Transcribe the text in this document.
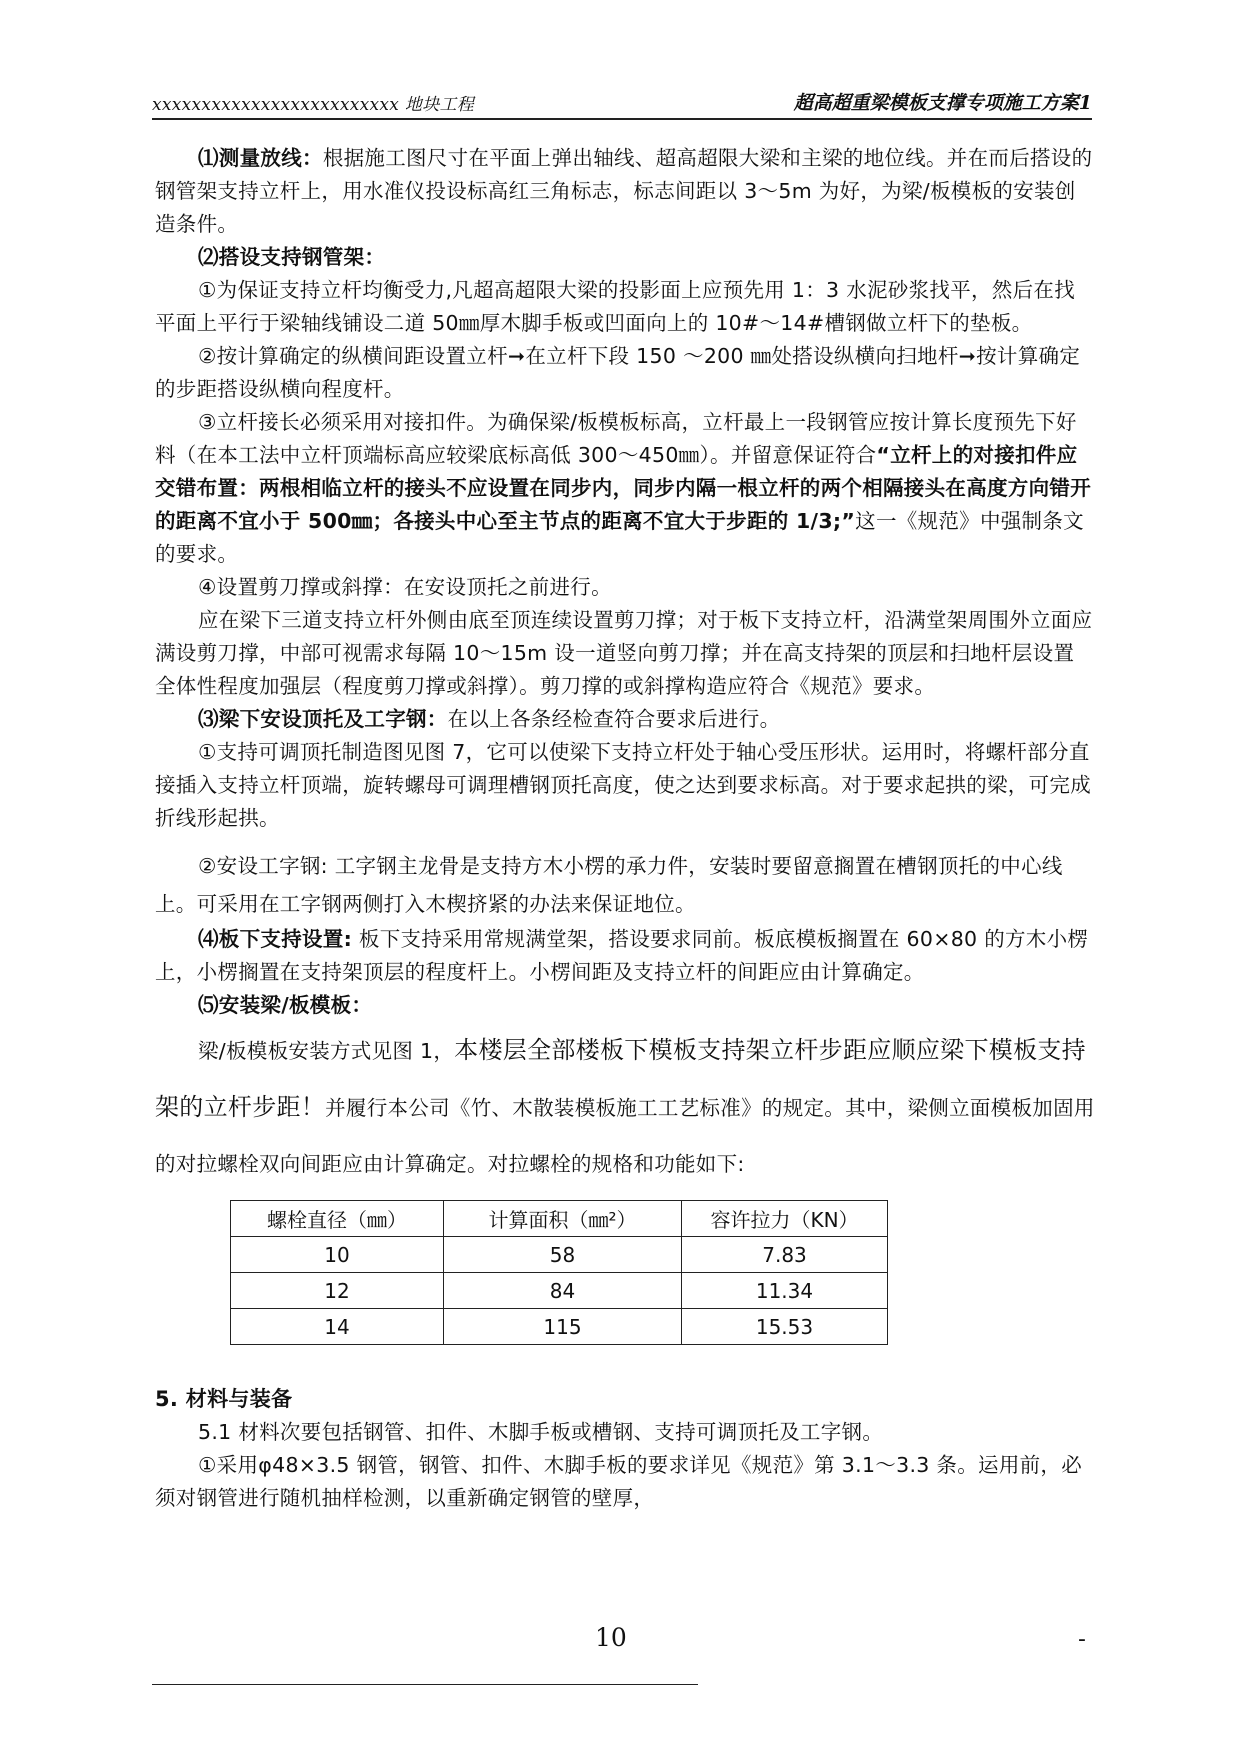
xxxxxxxxxxxxxxxxxxxxxxxxx 地块工程	超高超重梁模板支撑专项施工方案1

⑴测量放线：根据施工图尺寸在平面上弹出轴线、超高超限大梁和主梁的地位线。并在而后搭设的钢管架支持立杆上，用水准仪投设标高红三角标志，标志间距以 3～5m 为好，为梁/板模板的安装创造条件。

⑵搭设支持钢管架：

①为保证支持立杆均衡受力,凡超高超限大梁的投影面上应预先用 1：3 水泥砂浆找平，然后在找平面上平行于梁轴线铺设二道 50㎜厚木脚手板或凹面向上的 10#～14#槽钢做立杆下的垫板。

②按计算确定的纵横间距设置立杆➞在立杆下段 150 ～200 ㎜处搭设纵横向扫地杆➞按计算确定的步距搭设纵横向程度杆。

③立杆接长必须采用对接扣件。为确保梁/板模板标高，立杆最上一段钢管应按计算长度预先下好料（在本工法中立杆顶端标高应较梁底标高低 300～450㎜）。并留意保证符合“立杆上的对接扣件应交错布置：两根相临立杆的接头不应设置在同步内，同步内隔一根立杆的两个相隔接头在高度方向错开的距离不宜小于 500㎜；各接头中心至主节点的距离不宜大于步距的 1/3;”这一《规范》中强制条文的要求。

④设置剪刀撑或斜撑：在安设顶托之前进行。

应在梁下三道支持立杆外侧由底至顶连续设置剪刀撑；对于板下支持立杆，沿满堂架周围外立面应满设剪刀撑，中部可视需求每隔 10～15m 设一道竖向剪刀撑；并在高支持架的顶层和扫地杆层设置全体性程度加强层（程度剪刀撑或斜撑）。剪刀撑的或斜撑构造应符合《规范》要求。

⑶梁下安设顶托及工字钢：在以上各条经检查符合要求后进行。

①支持可调顶托制造图见图 7，它可以使梁下支持立杆处于轴心受压形状。运用时，将螺杆部分直接插入支持立杆顶端，旋转螺母可调理槽钢顶托高度，使之达到要求标高。对于要求起拱的梁，可完成折线形起拱。

②安设工字钢: 工字钢主龙骨是支持方木小楞的承力件，安装时要留意搁置在槽钢顶托的中心线上。可采用在工字钢两侧打入木楔挤紧的办法来保证地位。

⑷板下支持设置: 板下支持采用常规满堂架，搭设要求同前。板底模板搁置在 60×80 的方木小楞上，小楞搁置在支持架顶层的程度杆上。小楞间距及支持立杆的间距应由计算确定。

⑸安装梁/板模板：

梁/板模板安装方式见图 1，本楼层全部楼板下模板支持架立杆步距应顺应梁下模板支持架的立杆步距！并履行本公司《竹、木散装模板施工工艺标准》的规定。其中，梁侧立面模板加固用的对拉螺栓双向间距应由计算确定。对拉螺栓的规格和功能如下:

螺栓直径（㎜）	计算面积（㎜²）	容许拉力（KN）
10	58	7.83
12	84	11.34
14	115	15.53

5. 材料与装备

5.1 材料次要包括钢管、扣件、木脚手板或槽钢、支持可调顶托及工字钢。

①采用φ48×3.5 钢管，钢管、扣件、木脚手板的要求详见《规范》第 3.1～3.3 条。运用前，必须对钢管进行随机抽样检测，以重新确定钢管的壁厚，

10	-
